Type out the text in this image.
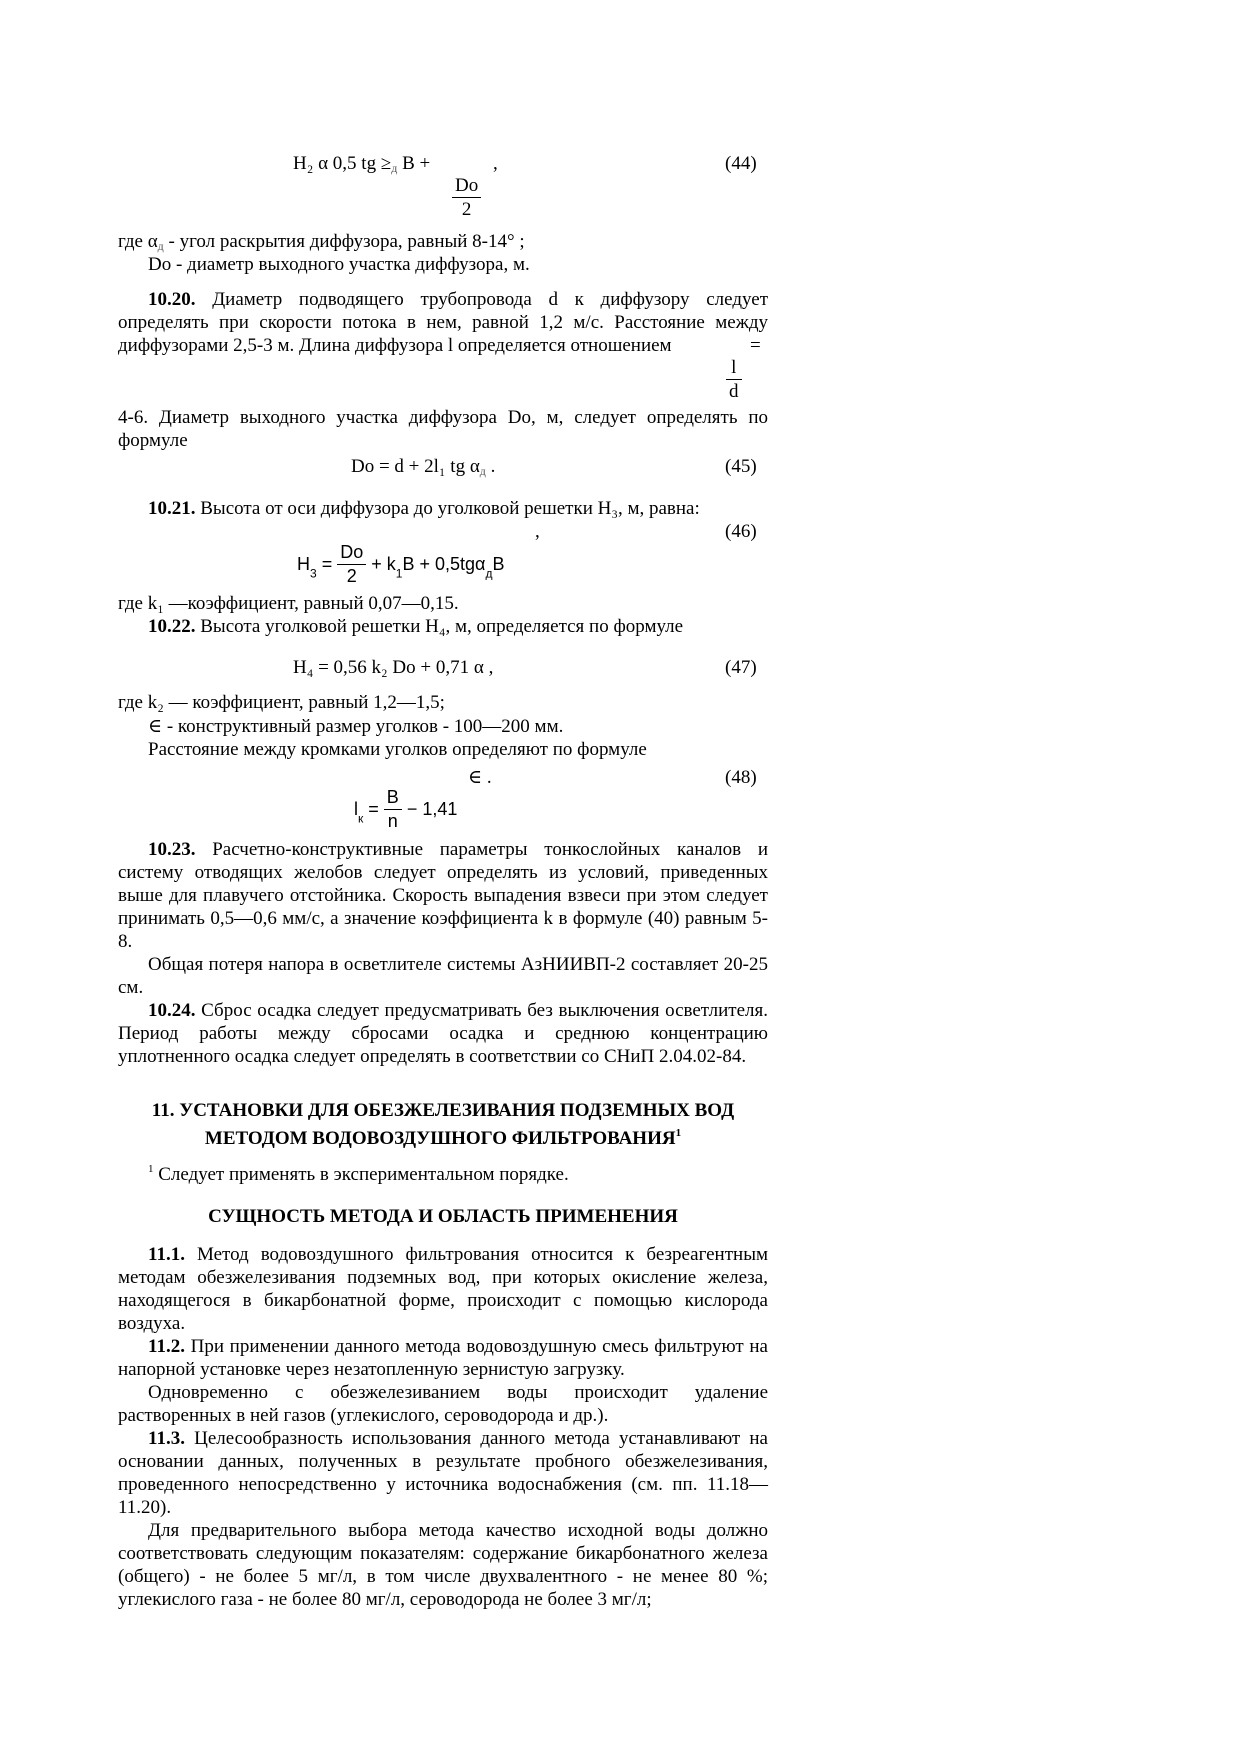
H₂ α 0,5 tg $\ge_д$ B +	,
Dо
2
(44)
где $\alpha_д$ - угол раскрытия диффузора, равный 8-14° ;
Dо - диаметр выходного участка диффузора, м.

10.20. Диаметр подводящего трубопровода d к диффузору следует определять при скорости потока в нем, равной 1,2 м/с. Расстояние между диффузорами 2,5-3 м. Длина диффузора l определяется отношением	=
l
d

4-6. Диаметр выходного участка диффузора Dо, м, следует определять по формуле

Dо = d + 2l₁ tg $\alpha_д$ .	(45)
10.21. Высота от оси диффузора до уголковой решетки H₃, м, равна:
,	(46)
$H_3 = \frac{Dо}{2} + k_1B + 0,5tg\alpha_дB$
где k₁ —коэффициент, равный 0,07—0,15.
10.22. Высота уголковой решетки H₄, м, определяется по формуле
H₄ = 0,56 k₂ Dо + 0,71 α ,	(47)
где k₂ — коэффициент, равный 1,2—1,5;
∈ - конструктивный размер уголков - 100—200 мм.
Расстояние между кромками уголков определяют по формуле
∈ .	(48)
$l_к = \frac{B}{n} - 1,41$

10.23. Расчетно-конструктивные параметры тонкослойных каналов и систему отводящих желобов следует определять из условий, приведенных выше для плавучего отстойника. Скорость выпадения взвеси при этом следует принимать 0,5—0,6 мм/с, а значение коэффициента k в формуле (40) равным 5-8.

Общая потеря напора в осветлителе системы АзНИИВП-2 составляет 20-25 см.

10.24. Сброс осадка следует предусматривать без выключения осветлителя. Период работы между сбросами осадка и среднюю концентрацию уплотненного осадка следует определять в соответствии со СНиП 2.04.02-84.

11. УСТАНОВКИ ДЛЯ ОБЕЗЖЕЛЕЗИВАНИЯ ПОДЗЕМНЫХ ВОД
МЕТОДОМ ВОДОВОЗДУШНОГО ФИЛЬТРОВАНИЯ$^1$
$^1$ Следует применять в экспериментальном порядке.
СУЩНОСТЬ МЕТОДА И ОБЛАСТЬ ПРИМЕНЕНИЯ

11.1. Метод водовоздушного фильтрования относится к безреагентным методам обезжелезивания подземных вод, при которых окисление железа, находящегося в бикарбонатной форме, происходит с помощью кислорода воздуха.

11.2. При применении данного метода водовоздушную смесь фильтруют на напорной установке через незатопленную зернистую загрузку.

Одновременно с обезжелезиванием воды происходит удаление растворенных в ней газов (углекислого, сероводорода и др.).

11.3. Целесообразность использования данного метода устанавливают на основании данных, полученных в результате пробного обезжелезивания, проведенного непосредственно у источника водоснабжения (см. пп. 11.18— 11.20).

Для предварительного выбора метода качество исходной воды должно соответствовать следующим показателям: содержание бикарбонатного железа (общего) - не более 5 мг/л, в том числе двухвалентного - не менее 80 %; углекислого газа - не более 80 мг/л, сероводорода не более 3 мг/л;
